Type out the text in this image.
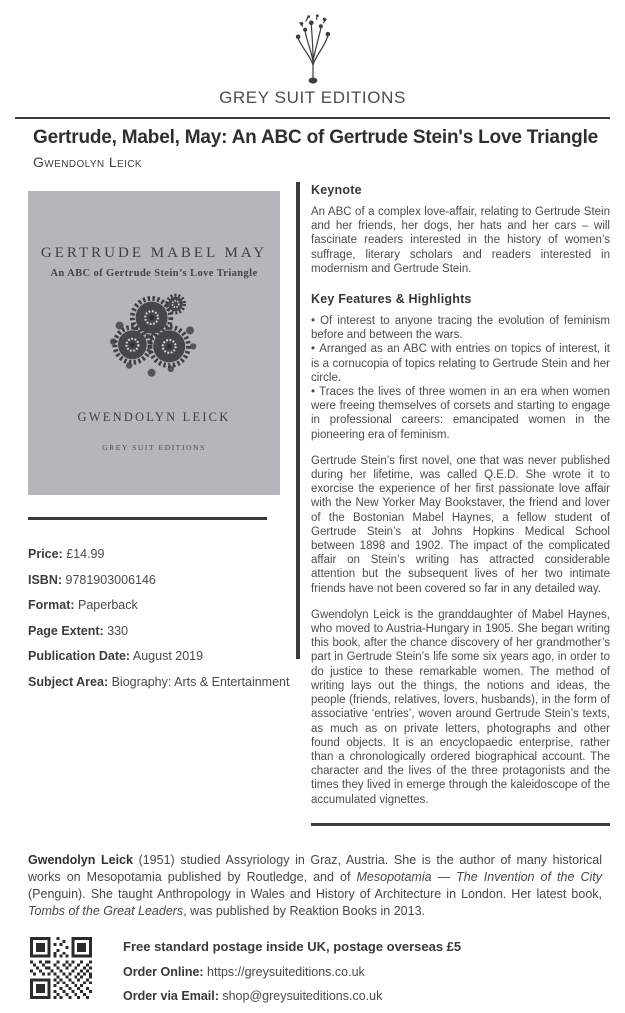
GREY SUIT EDITIONS
Gertrude, Mabel, May: An ABC of Gertrude Stein's Love Triangle
Gwendolyn Leick
GERTRUDE MABEL MAY
An ABC of Gertrude Stein’s Love Triangle
GWENDOLYN LEICK
GREY SUIT EDITIONS
Price: £14.99
ISBN: 9781903006146
Format: Paperback
Page Extent: 330
Publication Date: August 2019
Subject Area: Biography: Arts & Entertainment
Keynote

An ABC of a complex love-affair, relating to Gertrude Stein and her friends, her dogs, her hats and her cars – will fascinate readers interested in the history of women’s suffrage, literary scholars and readers interested in modernism and Gertrude Stein.

Key Features & Highlights
• Of interest to anyone tracing the evolution of feminism before and between the wars.
• Arranged as an ABC with entries on topics of interest, it is a cornucopia of topics relating to Gertrude Stein and her circle.
• Traces the lives of three women in an era when women were freeing themselves of corsets and starting to engage in professional careers: emancipated women in the pioneering era of feminism.

Gertrude Stein’s first novel, one that was never published during her lifetime, was called Q.E.D. She wrote it to exorcise the experience of her first passionate love affair with the New Yorker May Bookstaver, the friend and lover of the Bostonian Mabel Haynes, a fellow student of Gertrude Stein’s at Johns Hopkins Medical School between 1898 and 1902. The impact of the complicated affair on Stein’s writing has attracted considerable attention but the subsequent lives of her two intimate friends have not been covered so far in any detailed way.

Gwendolyn Leick is the granddaughter of Mabel Haynes, who moved to Austria-Hungary in 1905. She began writing this book, after the chance discovery of her grandmother’s part in Gertrude Stein’s life some six years ago, in order to do justice to these remarkable women. The method of writing lays out the things, the notions and ideas, the people (friends, relatives, lovers, husbands), in the form of associative ‘entries’, woven around Gertrude Stein’s texts, as much as on private letters, photographs and other found objects. It is an encyclopaedic enterprise, rather than a chronologically ordered biographical account. The character and the lives of the three protagonists and the times they lived in emerge through the kaleidoscope of the accumulated vignettes.

Gwendolyn Leick (1951) studied Assyriology in Graz, Austria. She is the author of many historical works on Mesopotamia published by Routledge, and of Mesopotamia — The Invention of the City (Penguin). She taught Anthropology in Wales and History of Architecture in London. Her latest book, Tombs of the Great Leaders, was published by Reaktion Books in 2013.

Free standard postage inside UK, postage overseas £5
Order Online: https://greysuiteditions.co.uk
Order via Email: shop@greysuiteditions.co.uk
